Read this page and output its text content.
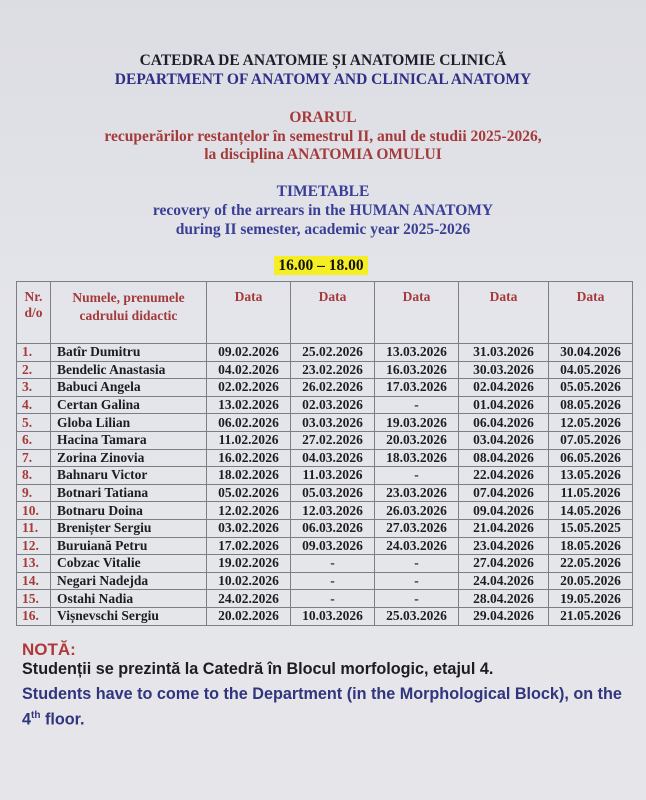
CATEDRA DE ANATOMIE ȘI ANATOMIE CLINICĂ
DEPARTMENT OF ANATOMY AND CLINICAL ANATOMY
ORARUL
recuperărilor restanțelor în semestrul II, anul de studii 2025-2026,
la disciplina ANATOMIA OMULUI
TIMETABLE
recovery of the arrears in the HUMAN ANATOMY
during II semester, academic year 2025-2026
16.00 – 18.00
Nr. d/o	Numele, prenumele cadrului didactic	Data	Data	Data	Data	Data
1.	Batîr Dumitru	09.02.2026	25.02.2026	13.03.2026	31.03.2026	30.04.2026
2.	Bendelic Anastasia	04.02.2026	23.02.2026	16.03.2026	30.03.2026	04.05.2026
3.	Babuci Angela	02.02.2026	26.02.2026	17.03.2026	02.04.2026	05.05.2026
4.	Certan Galina	13.02.2026	02.03.2026	-	01.04.2026	08.05.2026
5.	Globa Lilian	06.02.2026	03.03.2026	19.03.2026	06.04.2026	12.05.2026
6.	Hacina Tamara	11.02.2026	27.02.2026	20.03.2026	03.04.2026	07.05.2026
7.	Zorina Zinovia	16.02.2026	04.03.2026	18.03.2026	08.04.2026	06.05.2026
8.	Bahnaru Victor	18.02.2026	11.03.2026	-	22.04.2026	13.05.2026
9.	Botnari Tatiana	05.02.2026	05.03.2026	23.03.2026	07.04.2026	11.05.2026
10.	Botnaru Doina	12.02.2026	12.03.2026	26.03.2026	09.04.2026	14.05.2026
11.	Brenișter Sergiu	03.02.2026	06.03.2026	27.03.2026	21.04.2026	15.05.2025
12.	Buruiană Petru	17.02.2026	09.03.2026	24.03.2026	23.04.2026	18.05.2026
13.	Cobzac Vitalie	19.02.2026	-	-	27.04.2026	22.05.2026
14.	Negari Nadejda	10.02.2026	-	-	24.04.2026	20.05.2026
15.	Ostahi Nadia	24.02.2026	-	-	28.04.2026	19.05.2026
16.	Vișnevschi Sergiu	20.02.2026	10.03.2026	25.03.2026	29.04.2026	21.05.2026
NOTĂ:
Studenții se prezintă la Catedră în Blocul morfologic, etajul 4.
Students have to come to the Department (in the Morphological Block), on the 4th floor.
